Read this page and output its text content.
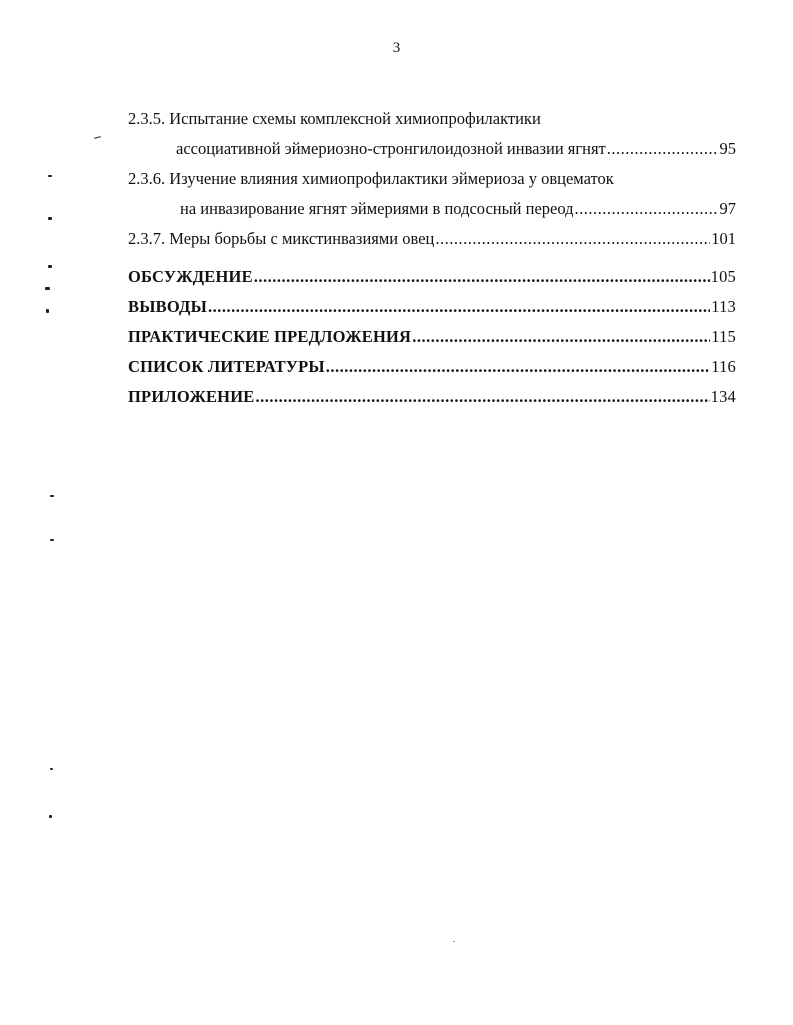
3
2.3.5. Испытание схемы комплексной химиопрофилактики
ассоциативной эймериозно-стронгилоидозной инвазии ягнят .....	95
2.3.6. Изучение влияния химиопрофилактики эймериоза у овцематок
на инвазирование ягнят эймериями в подсосный перeод .....	97
2.3.7. Меры борьбы с микстинвазиями овец .....	101
ОБСУЖДЕНИЕ .....	105
ВЫВОДЫ .....	113
ПРАКТИЧЕСКИЕ ПРЕДЛОЖЕНИЯ .....	115
СПИСОК ЛИТЕРАТУРЫ .....	116
ПРИЛОЖЕНИЕ .....	134
